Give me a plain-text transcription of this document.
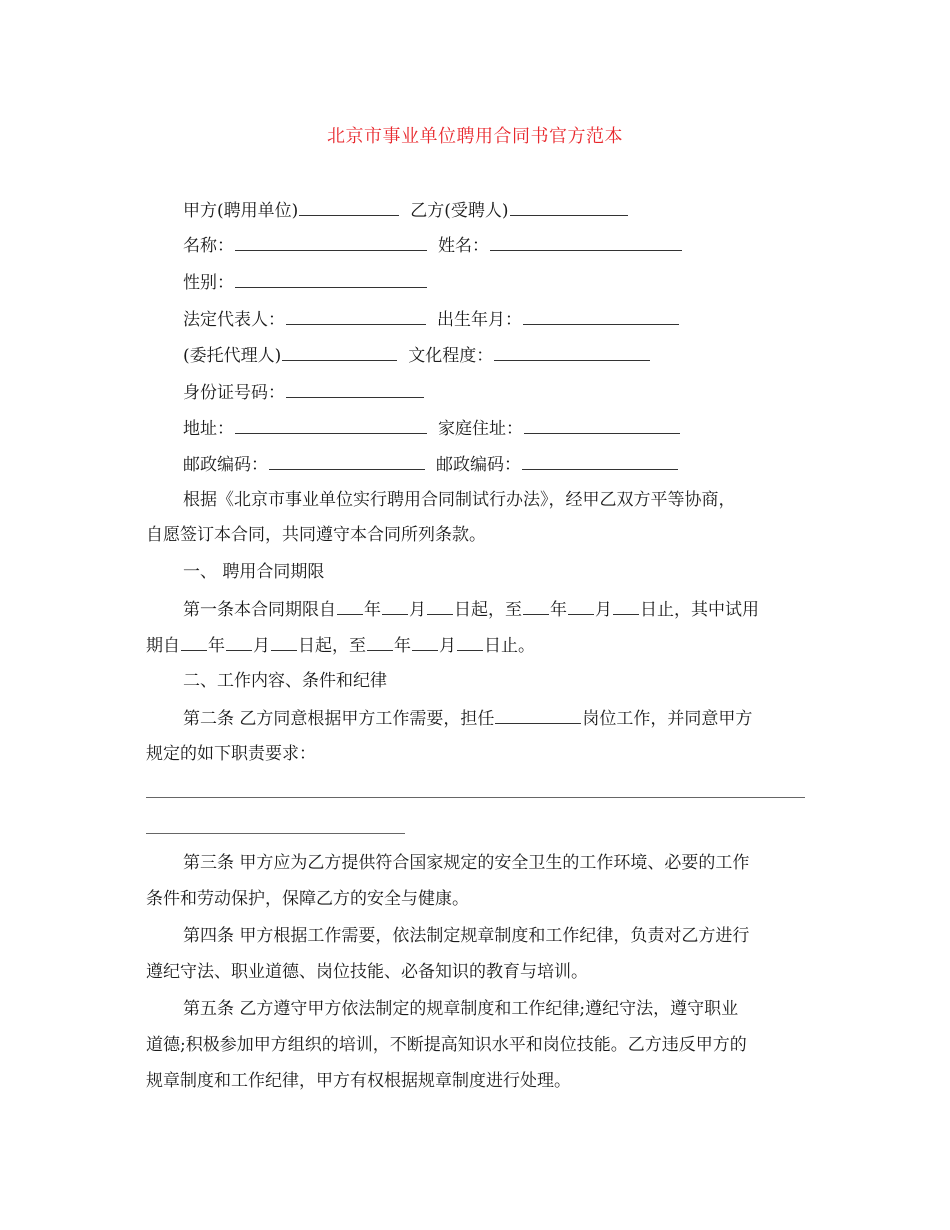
北京市事业单位聘用合同书官方范本
甲方(聘用单位)	乙方(受聘人)
名称：	姓名：
性别：
法定代表人：	出生年月：
(委托代理人)	文化程度：
身份证号码：
地址：	家庭住址：
邮政编码：	邮政编码：
根据《北京市事业单位实行聘用合同制试行办法》，经甲乙双方平等协商，
自愿签订本合同，共同遵守本合同所列条款。
一、 聘用合同期限
第一条本合同期限自 年 月 日起，至 年 月 日止，其中试用
期自 年 月 日起，至 年 月 日止。
二、工作内容、条件和纪律
第二条 乙方同意根据甲方工作需要，担任	岗位工作，并同意甲方
规定的如下职责要求：
第三条 甲方应为乙方提供符合国家规定的安全卫生的工作环境、必要的工作
条件和劳动保护，保障乙方的安全与健康。
第四条 甲方根据工作需要，依法制定规章制度和工作纪律，负责对乙方进行
遵纪守法、职业道德、岗位技能、必备知识的教育与培训。
第五条 乙方遵守甲方依法制定的规章制度和工作纪律;遵纪守法，遵守职业
道德;积极参加甲方组织的培训，不断提高知识水平和岗位技能。乙方违反甲方的
规章制度和工作纪律，甲方有权根据规章制度进行处理。
